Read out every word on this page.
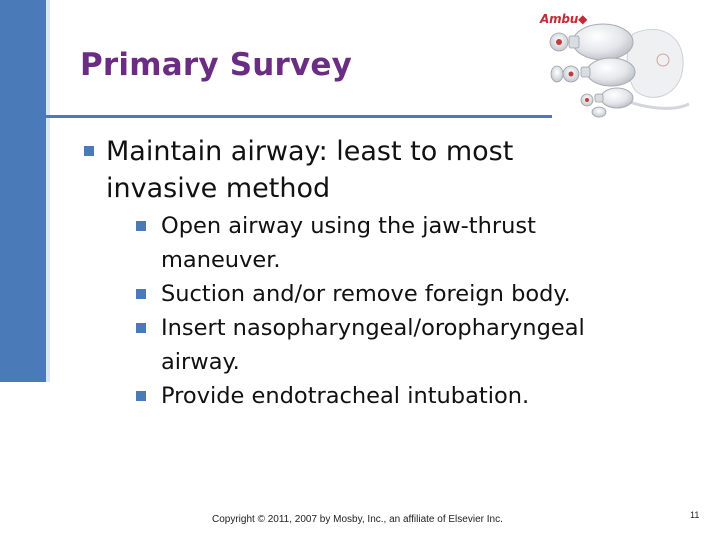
Primary Survey
Ambu◆
Maintain airway: least to most invasive method
Open airway using the jaw-thrust maneuver.
Suction and/or remove foreign body.
Insert nasopharyngeal/oropharyngeal airway.
Provide endotracheal intubation.
Copyright © 2011, 2007 by Mosby, Inc., an affiliate of Elsevier Inc.	11
